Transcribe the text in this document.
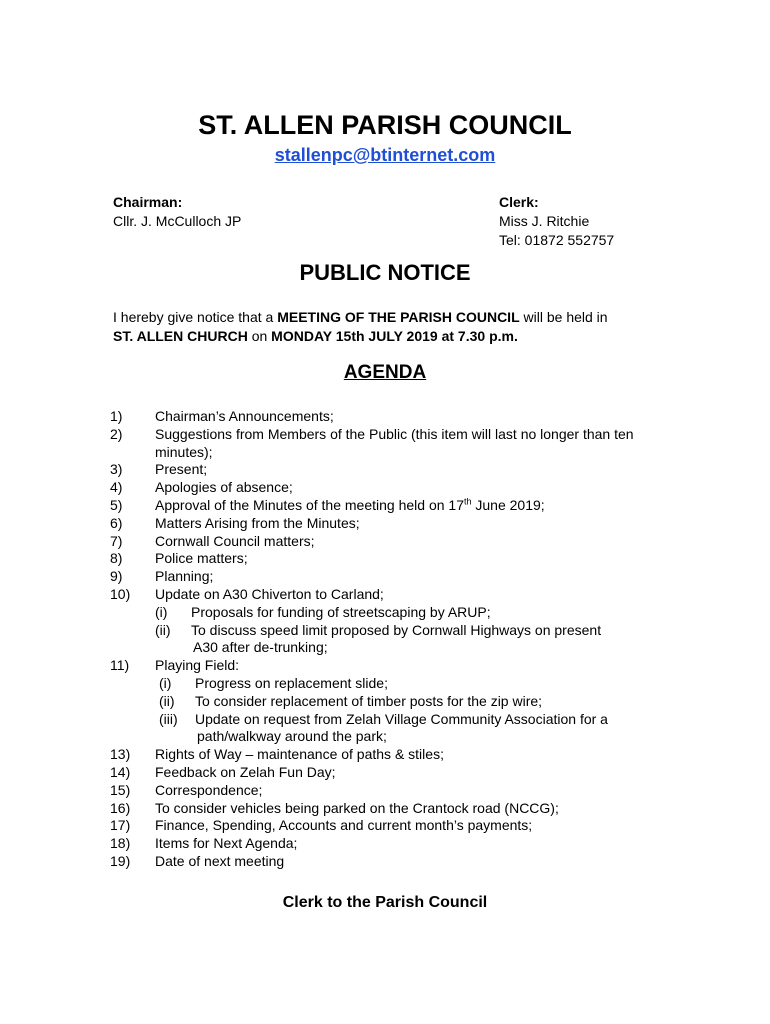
ST. ALLEN PARISH COUNCIL
stallenpc@btinternet.com
Chairman:
Cllr. J. McCulloch JP
Clerk:
Miss J. Ritchie
Tel: 01872 552757
PUBLIC NOTICE
I hereby give notice that a MEETING OF THE PARISH COUNCIL will be held in
ST. ALLEN CHURCH on MONDAY 15th JULY 2019 at 7.30 p.m.
AGENDA
1)	Chairman’s Announcements;
2)	Suggestions from Members of the Public (this item will last no longer than ten minutes);
3)	Present;
4)	Apologies of absence;
5)	Approval of the Minutes of the meeting held on 17th June 2019;
6)	Matters Arising from the Minutes;
7)	Cornwall Council matters;
8)	Police matters;
9)	Planning;
10)	Update on A30 Chiverton to Carland;
(i) Proposals for funding of streetscaping by ARUP;
(ii) To discuss speed limit proposed by Cornwall Highways on present
A30 after de-trunking;
11)	Playing Field:
(i) Progress on replacement slide;
(ii) To consider replacement of timber posts for the zip wire;
(iii) Update on request from Zelah Village Community Association for a
path/walkway around the park;
13)	Rights of Way – maintenance of paths & stiles;
14)	Feedback on Zelah Fun Day;
15)	Correspondence;
16)	To consider vehicles being parked on the Crantock road (NCCG);
17)	Finance, Spending, Accounts and current month’s payments;
18)	Items for Next Agenda;
19)	Date of next meeting
Clerk to the Parish Council
